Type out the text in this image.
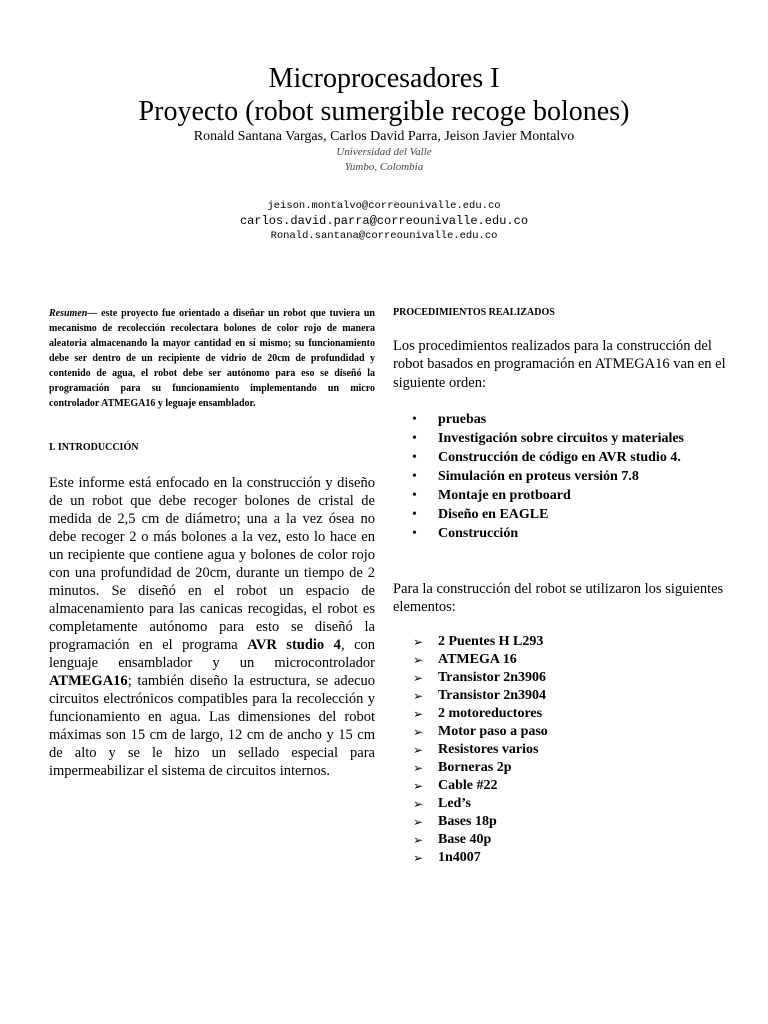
Microprocesadores I
Proyecto (robot sumergible recoge bolones)
Ronald Santana Vargas, Carlos David Parra, Jeison Javier Montalvo
Universidad del Valle
Yumbo, Colombia
jeison.montalvo@correounivalle.edu.co
carlos.david.parra@correounivalle.edu.co
Ronald.santana@correounivalle.edu.co
Resumen— este proyecto fue orientado a diseñar un robot que tuviera un mecanismo de recolección recolectara bolones de color rojo de manera aleatoria almacenando la mayor cantidad en sí mismo; su funcionamiento debe ser dentro de un recipiente de vidrio de 20cm de profundidad y contenido de agua, el robot debe ser autónomo para eso se diseñó la programación para su funcionamiento implementando un micro controlador ATMEGA16 y leguaje ensamblador.
I. INTRODUCCIÓN
Este informe está enfocado en la construcción y diseño de un robot que debe recoger bolones de cristal de medida de 2,5 cm de diámetro; una a la vez ósea no debe recoger 2 o más bolones a la vez, esto lo hace en un recipiente que contiene agua y bolones de color rojo con una profundidad de 20cm, durante un tiempo de 2 minutos. Se diseñó en el robot un espacio de almacenamiento para las canicas recogidas, el robot es completamente autónomo para esto se diseñó la programación en el programa AVR studio 4, con lenguaje ensamblador y un microcontrolador ATMEGA16; también diseño la estructura, se adecuo circuitos electrónicos compatibles para la recolección y funcionamiento en agua. Las dimensiones del robot máximas son 15 cm de largo, 12 cm de ancho y 15 cm de alto y se le hizo un sellado especial para impermeabilizar el sistema de circuitos internos.
PROCEDIMIENTOS REALIZADOS
Los procedimientos realizados para la construcción del robot basados en programación en ATMEGA16 van en el siguiente orden:
• pruebas
• Investigación sobre circuitos y materiales
• Construcción de código en AVR studio 4.
• Simulación en proteus versión 7.8
• Montaje en protboard
• Diseño en EAGLE
• Construcción
Para la construcción del robot se utilizaron los siguientes elementos:
➢ 2 Puentes H L293
➢ ATMEGA 16
➢ Transistor 2n3906
➢ Transistor 2n3904
➢ 2 motoreductores
➢ Motor paso a paso
➢ Resistores varios
➢ Borneras 2p
➢ Cable #22
➢ Led’s
➢ Bases 18p
➢ Base 40p
➢ 1n4007
